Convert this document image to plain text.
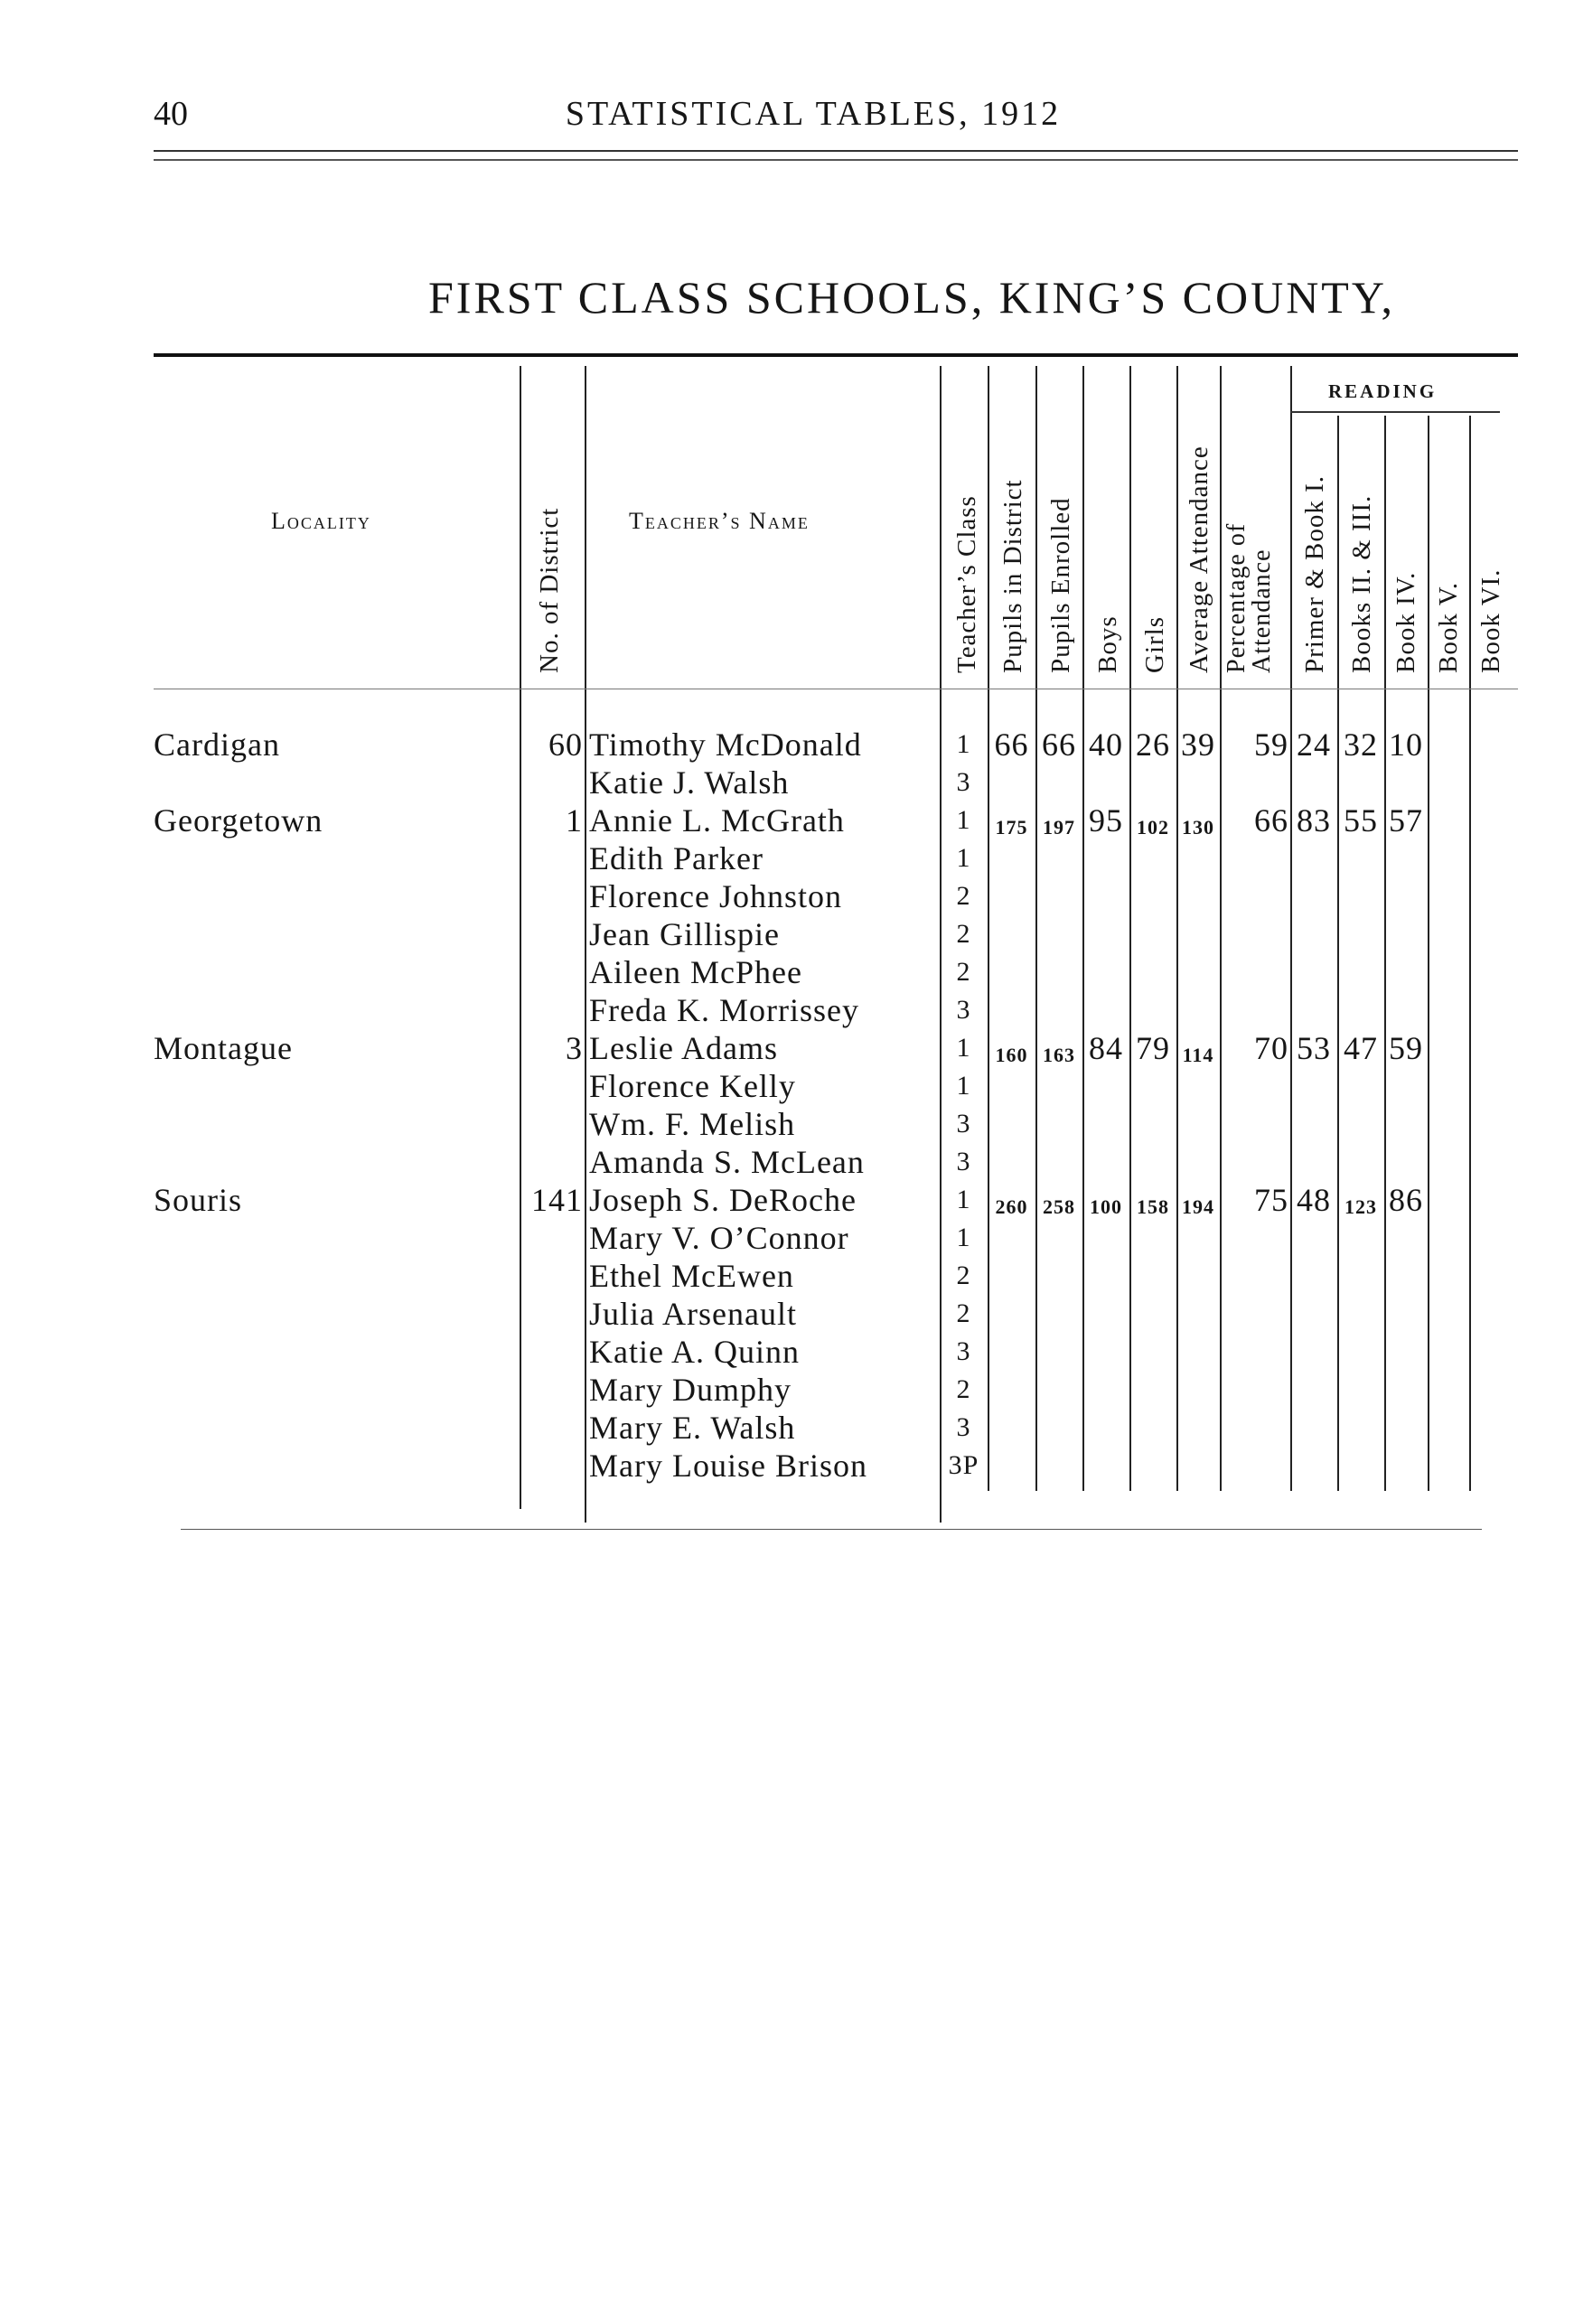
40	STATISTICAL TABLES, 1912
FIRST CLASS SCHOOLS, KING’S COUNTY,
Locality	Teacher’s Name
READING
No. of District	Teacher’s Class Pupils in District Pupils Enrolled Boys Girls Average Attendance Percentage of
Attendance Primer & Book I. Books II. & III. Book IV. Book V. Book VI.
Cardigan	60 Timothy McDonald	1 66 66 40 26 39	59 24 32 10
Katie J. Walsh	3
Georgetown	1 Annie L. McGrath	1	175 197 95 102 130	66 83 55 57
Edith Parker	1
Florence Johnston	2
Jean Gillispie	2
Aileen McPhee	2
Freda K. Morrissey	3
Montague	3 Leslie Adams	1	160 163 84 79 114	70 53 47 59
Florence Kelly	1
Wm. F. Melish	3
Amanda S. McLean	3
Souris	141 Joseph S. DeRoche	1	260 258 100 158 194	75 48 123 86
Mary V. O’Connor	1
Ethel McEwen	2
Julia Arsenault	2
Katie A. Quinn	3
Mary Dumphy	2
Mary E. Walsh	3
Mary Louise Brison	3P
